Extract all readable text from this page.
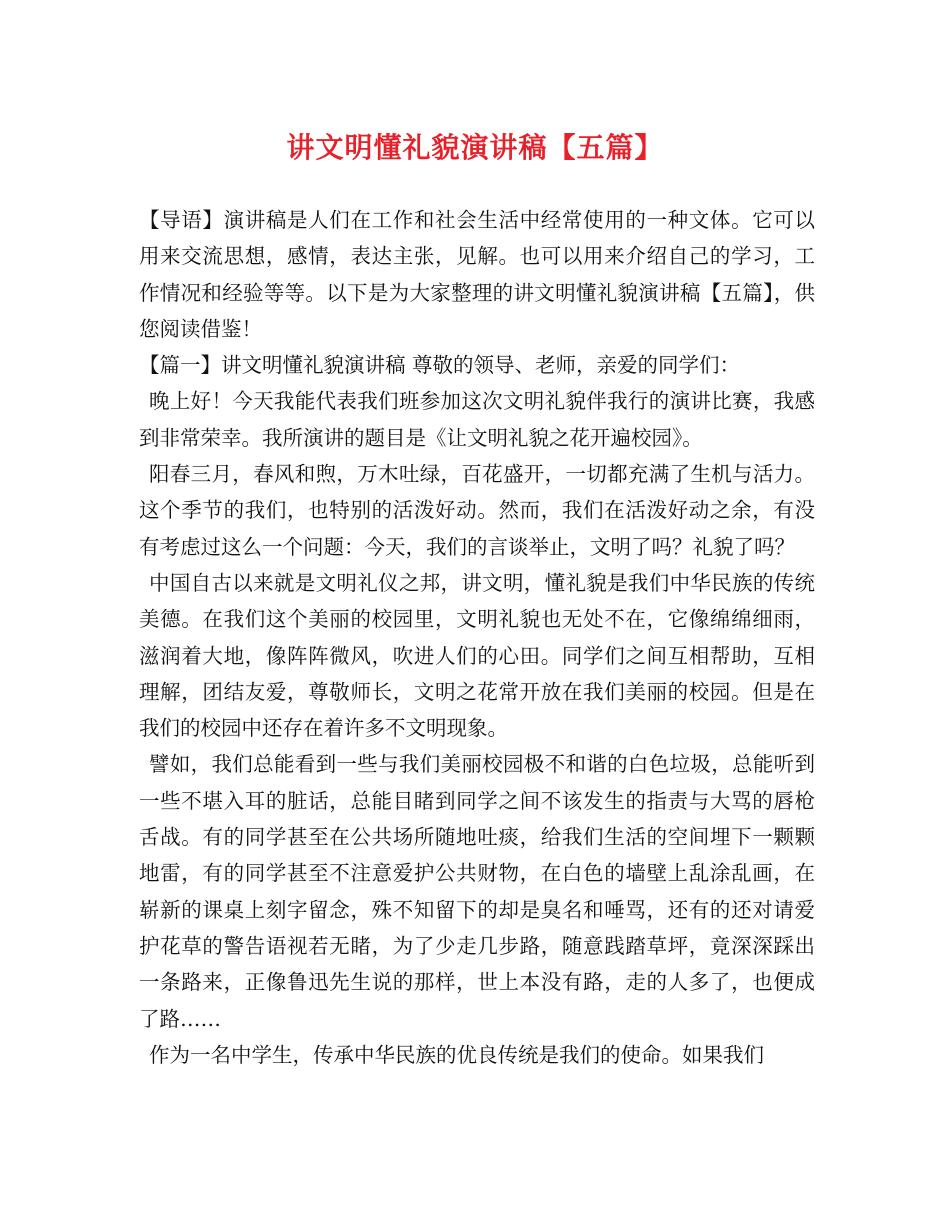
讲文明懂礼貌演讲稿【五篇】

【导语】演讲稿是人们在工作和社会生活中经常使用的一种文体。它可以用来交流思想，感情，表达主张，见解。也可以用来介绍自己的学习，工作情况和经验等等。以下是为大家整理的讲文明懂礼貌演讲稿【五篇】，供您阅读借鉴！

【篇一】讲文明懂礼貌演讲稿 尊敬的领导、老师，亲爱的同学们：

晚上好！今天我能代表我们班参加这次文明礼貌伴我行的演讲比赛，我感到非常荣幸。我所演讲的题目是《让文明礼貌之花开遍校园》。

阳春三月，春风和煦，万木吐绿，百花盛开，一切都充满了生机与活力。这个季节的我们，也特别的活泼好动。然而，我们在活泼好动之余，有没有考虑过这么一个问题：今天，我们的言谈举止，文明了吗？礼貌了吗？

中国自古以来就是文明礼仪之邦，讲文明，懂礼貌是我们中华民族的传统美德。在我们这个美丽的校园里，文明礼貌也无处不在，它像绵绵细雨，滋润着大地，像阵阵微风，吹进人们的心田。同学们之间互相帮助，互相理解，团结友爱，尊敬师长，文明之花常开放在我们美丽的校园。但是在我们的校园中还存在着许多不文明现象。

譬如，我们总能看到一些与我们美丽校园极不和谐的白色垃圾，总能听到一些不堪入耳的脏话，总能目睹到同学之间不该发生的指责与大骂的唇枪舌战。有的同学甚至在公共场所随地吐痰，给我们生活的空间埋下一颗颗地雷，有的同学甚至不注意爱护公共财物，在白色的墙壁上乱涂乱画，在崭新的课桌上刻字留念，殊不知留下的却是臭名和唾骂，还有的还对请爱护花草的警告语视若无睹，为了少走几步路，随意践踏草坪，竟深深踩出一条路来，正像鲁迅先生说的那样，世上本没有路，走的人多了，也便成了路……

作为一名中学生，传承中华民族的优良传统是我们的使命。如果我们
